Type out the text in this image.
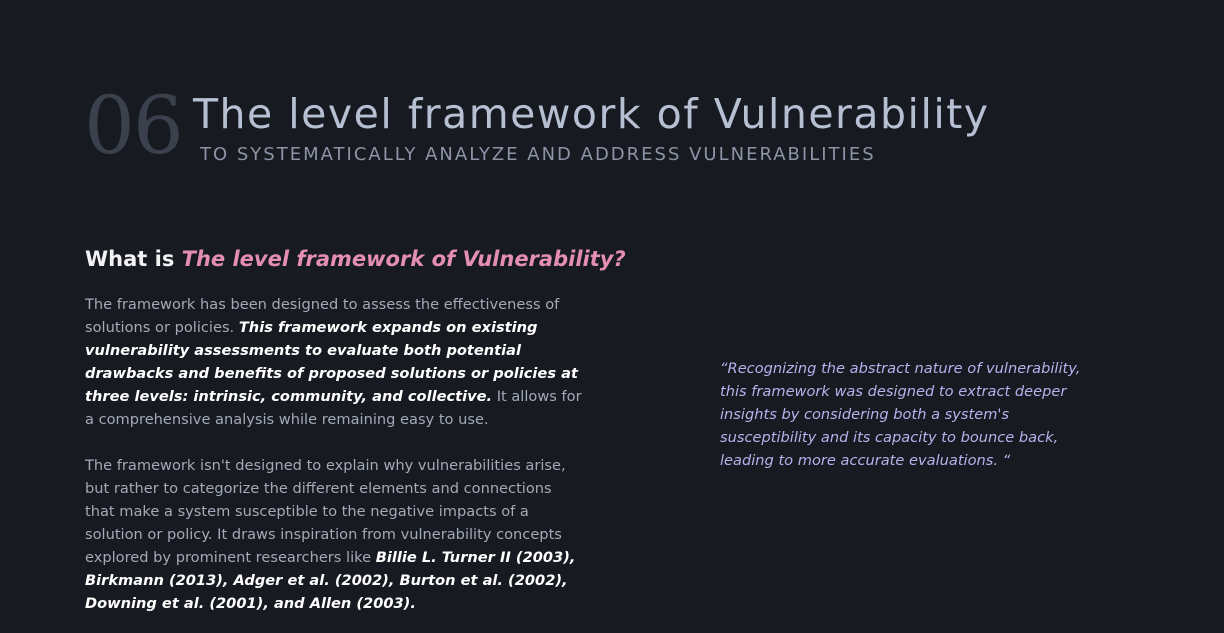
06 The level framework of Vulnerability
TO SYSTEMATICALLY ANALYZE AND ADDRESS VULNERABILITIES
What is The level framework of Vulnerability?

The framework has been designed to assess the effectiveness of solutions or policies. This framework expands on existing vulnerability assessments to evaluate both potential drawbacks and benefits of proposed solutions or policies at three levels: intrinsic, community, and collective. It allows for a comprehensive analysis while remaining easy to use.

The framework isn't designed to explain why vulnerabilities arise, but rather to categorize the different elements and connections that make a system susceptible to the negative impacts of a solution or policy. It draws inspiration from vulnerability concepts explored by prominent researchers like Billie L. Turner II (2003), Birkmann (2013), Adger et al. (2002), Burton et al. (2002), Downing et al. (2001), and Allen (2003).

“Recognizing the abstract nature of vulnerability, this framework was designed to extract deeper insights by considering both a system's susceptibility and its capacity to bounce back, leading to more accurate evaluations. “
